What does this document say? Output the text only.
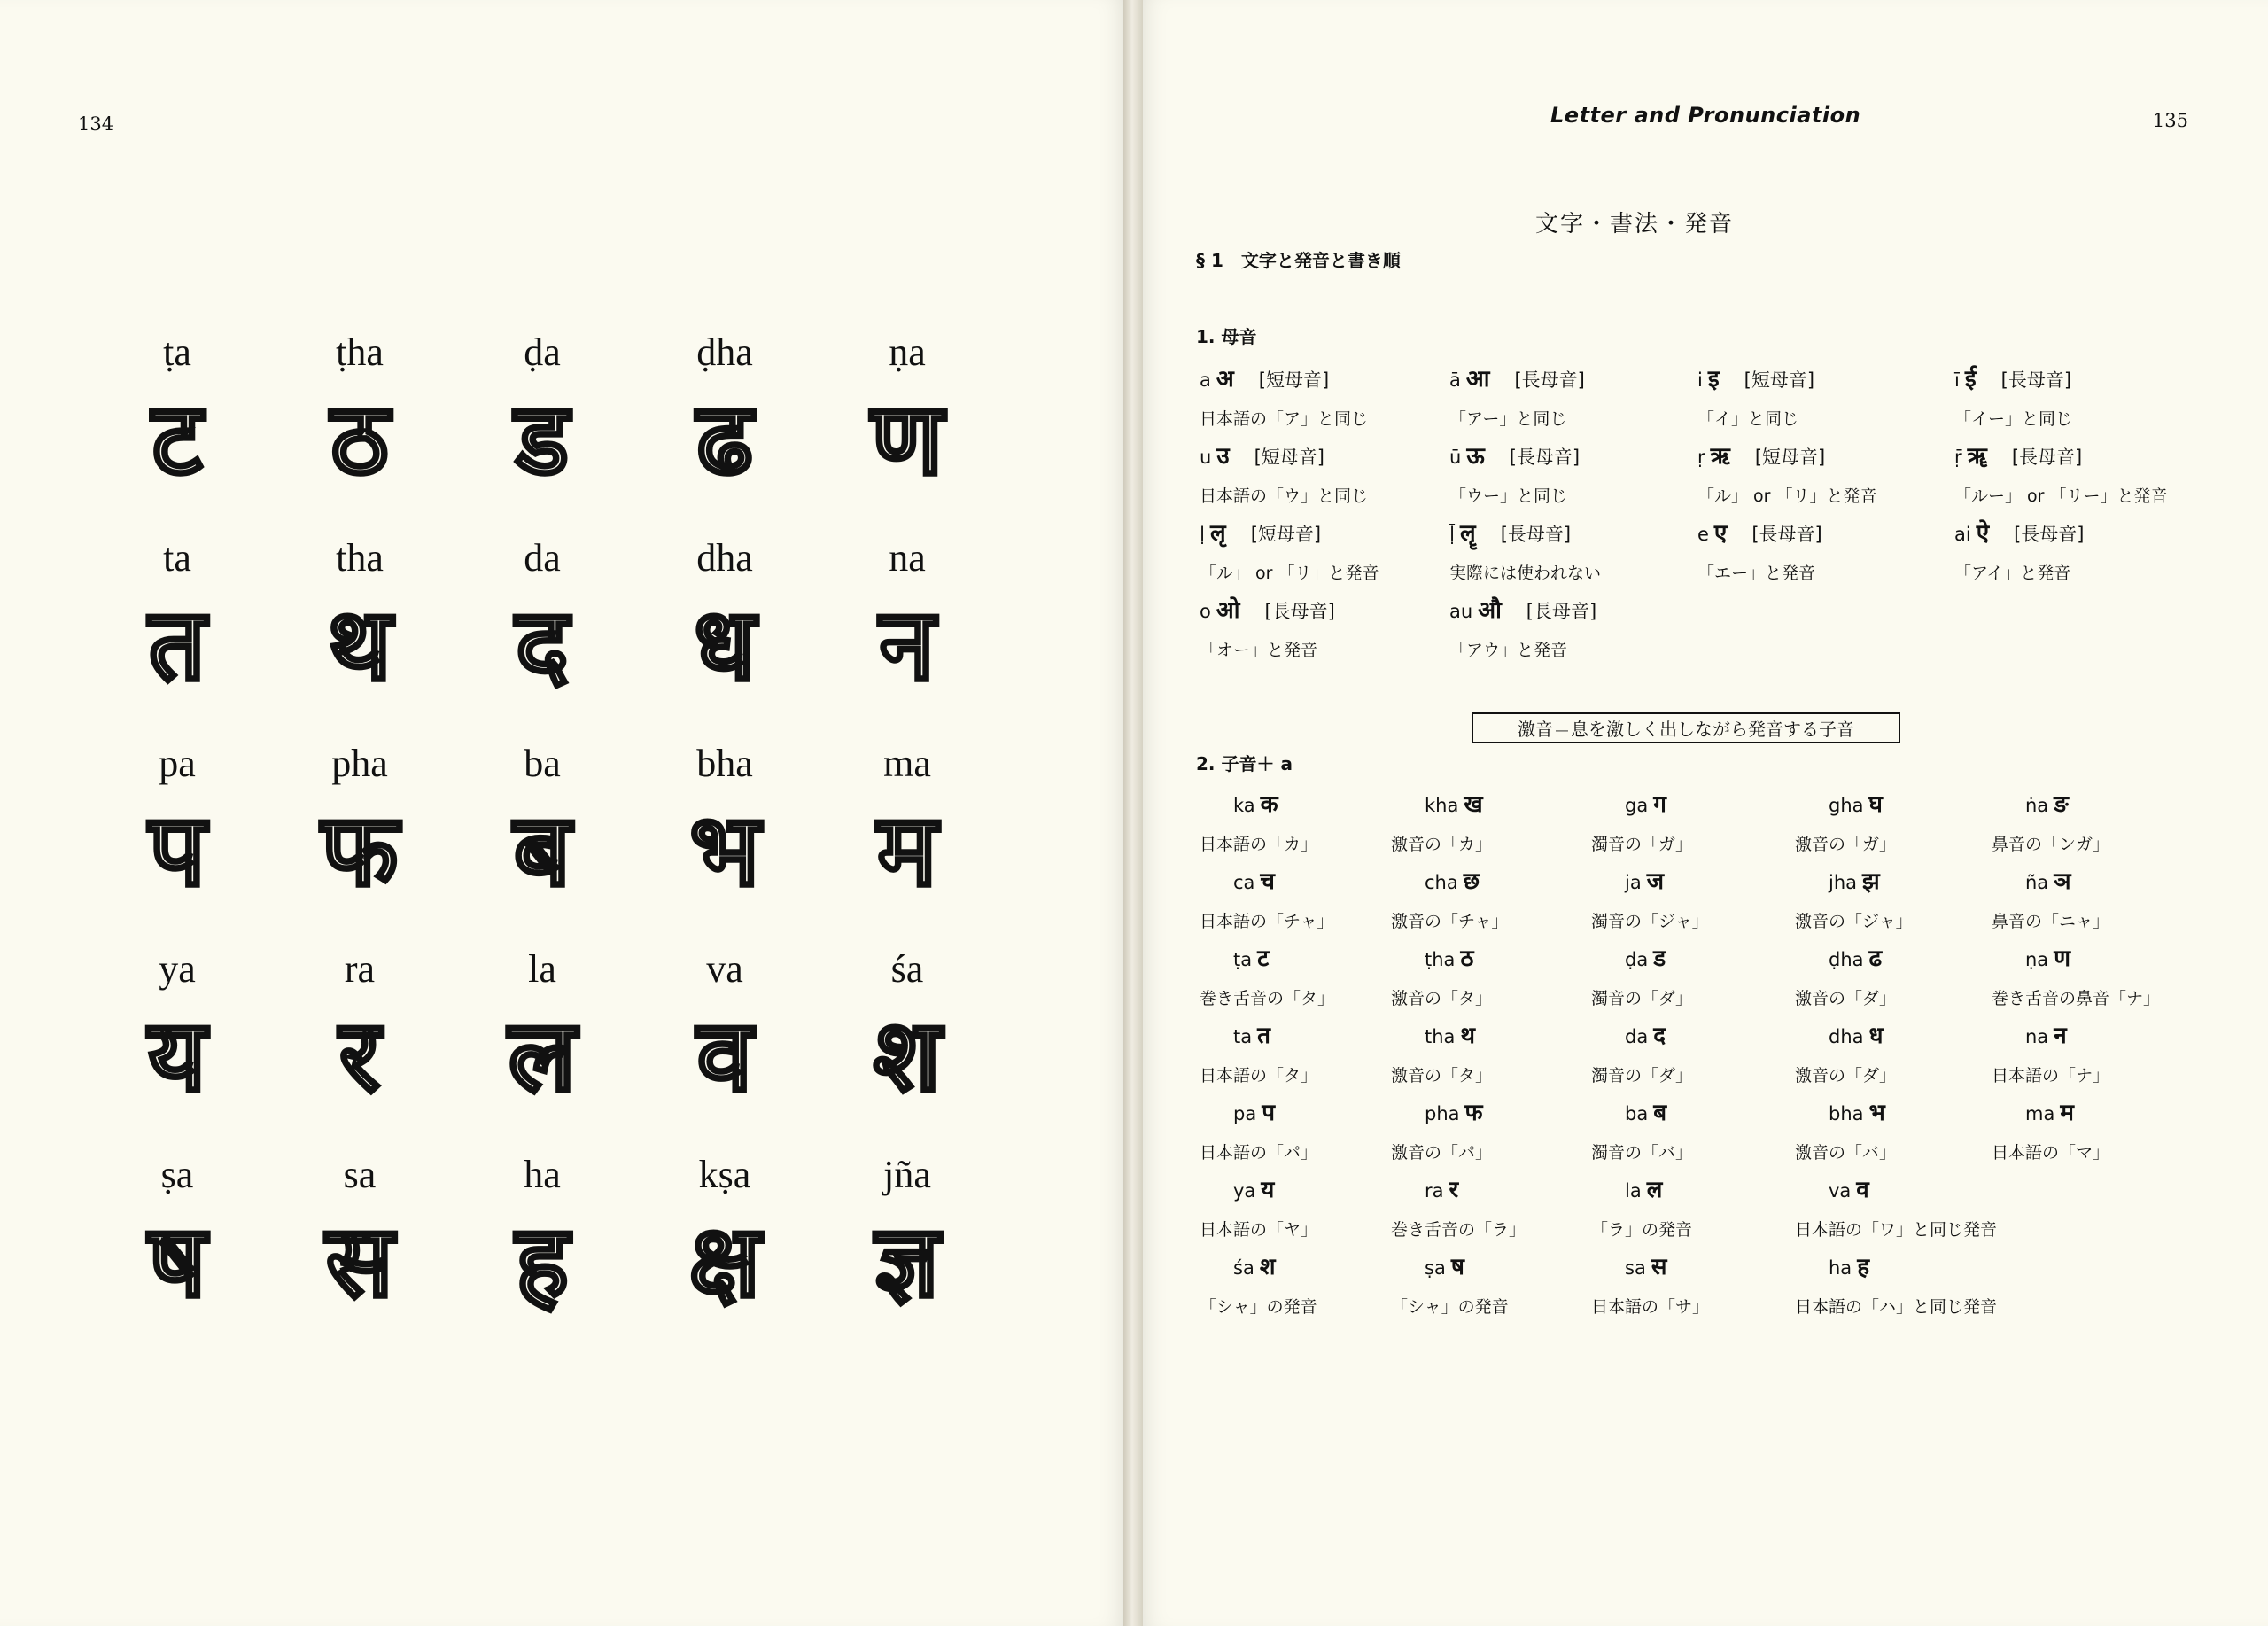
134
ṭa
ट
ṭha
ठ
ḍa
ड
ḍha
ढ
ṇa
ण
ta
त
tha
थ
da
द
dha
ध
na
न
pa
प
pha
फ
ba
ब
bha
भ
ma
म
ya
य
ra
र
la
ल
va
व
śa
श
ṣa
ष
sa
स
ha
ह
kṣa
क्ष
jña
ज्ञ
Letter and Pronunciation	135
文字・書法・発音
§ 1　文字と発音と書き順
1. 母音
a अ [短母音]
日本語の「ア」と同じ
ā आ [長母音]
「アー」と同じ
i इ [短母音]
「イ」と同じ
ī ई [長母音]
「イー」と同じ
u उ [短母音]
日本語の「ウ」と同じ
ū ऊ [長母音]
「ウー」と同じ
ṛ ऋ [短母音]
「ル」 or 「リ」と発音
ṝ ॠ [長母音]
「ルー」 or 「リー」と発音
ḷ लृ [短母音]
「ル」 or 「リ」と発音
ḹ लॄ [長母音]
実際には使われない
e ए [長母音]
「エー」と発音
ai ऐ [長母音]
「アイ」と発音
o ओ [長母音]
「オー」と発音
au औ [長母音]
「アウ」と発音
激音＝息を激しく出しながら発音する子音
2. 子音＋ a
ka क
日本語の「カ」
kha ख
激音の「カ」
ga ग
濁音の「ガ」
gha घ
激音の「ガ」
ṅa ङ
鼻音の「ンガ」
ca च
日本語の「チャ」
cha छ
激音の「チャ」
ja ज
濁音の「ジャ」
jha झ
激音の「ジャ」
ña ञ
鼻音の「ニャ」
ṭa ट
巻き舌音の「タ」
ṭha ठ
激音の「タ」
ḍa ड
濁音の「ダ」
ḍha ढ
激音の「ダ」
ṇa ण
巻き舌音の鼻音「ナ」
ta त
日本語の「タ」
tha थ
激音の「タ」
da द
濁音の「ダ」
dha ध
激音の「ダ」
na न
日本語の「ナ」
pa प
日本語の「パ」
pha फ
激音の「パ」
ba ब
濁音の「バ」
bha भ
激音の「バ」
ma म
日本語の「マ」
ya य
日本語の「ヤ」
ra र
巻き舌音の「ラ」
la ल
「ラ」の発音
va व
日本語の「ワ」と同じ発音
śa श
「シャ」の発音
ṣa ष
「シャ」の発音
sa स
日本語の「サ」
ha ह
日本語の「ハ」と同じ発音
